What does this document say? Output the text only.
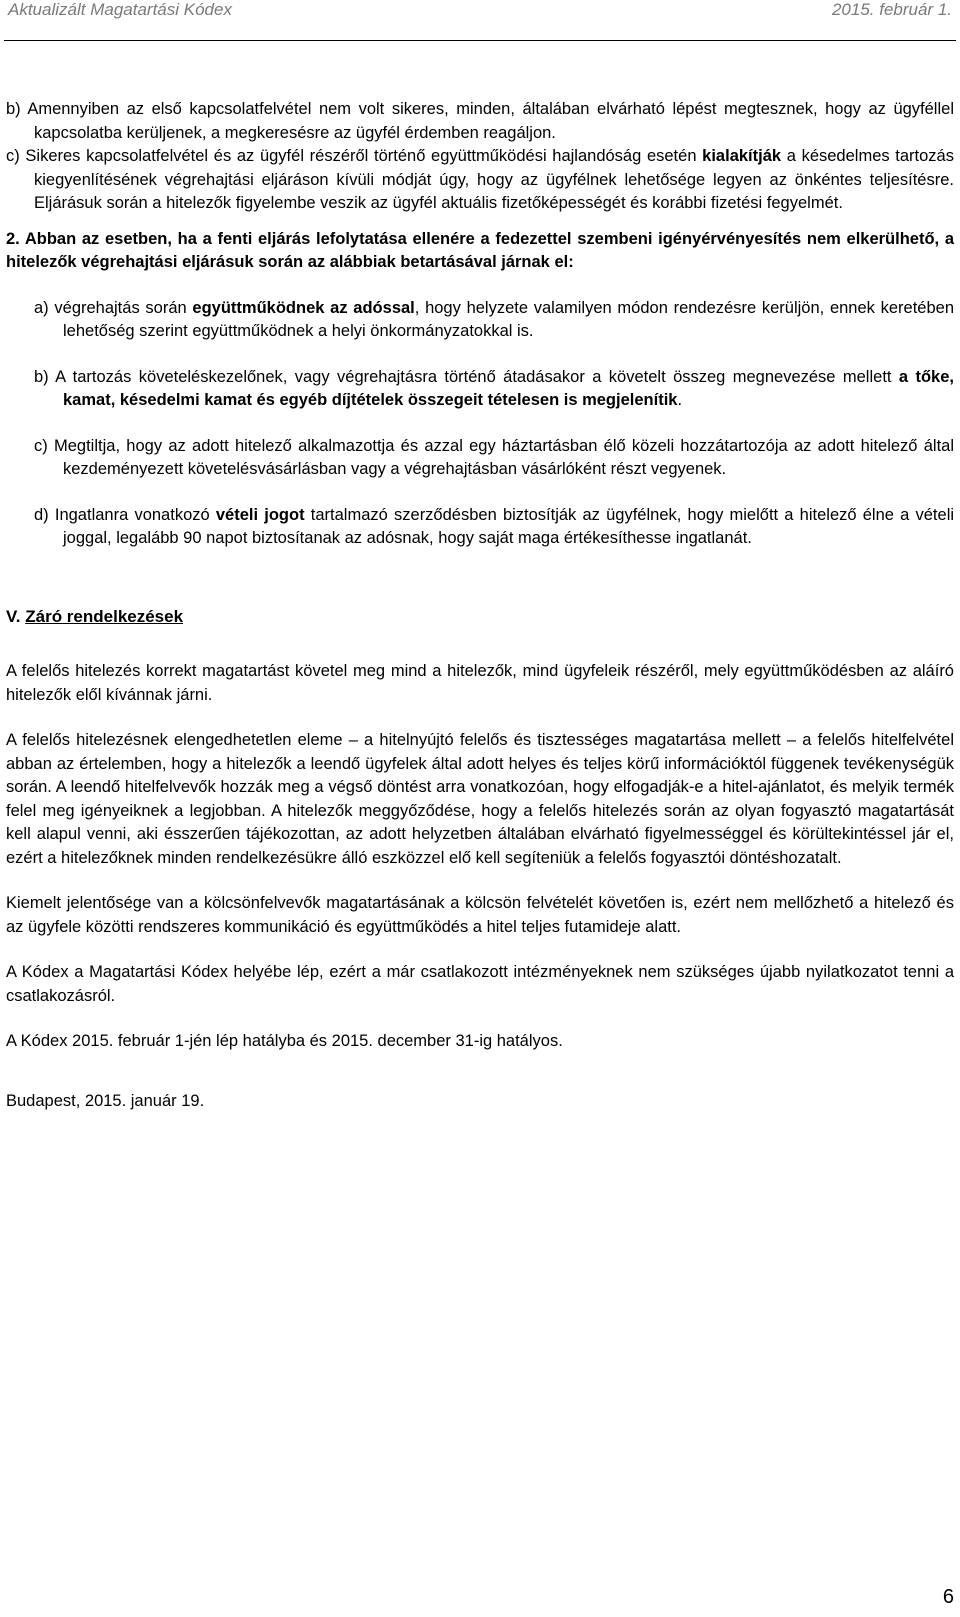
Aktualizált Magatartási Kódex	2015. február 1.

b) Amennyiben az első kapcsolatfelvétel nem volt sikeres, minden, általában elvárható lépést megtesznek, hogy az ügyféllel kapcsolatba kerüljenek, a megkeresésre az ügyfél érdemben reagáljon.

c) Sikeres kapcsolatfelvétel és az ügyfél részéről történő együttműködési hajlandóság esetén kialakítják a késedelmes tartozás kiegyenlítésének végrehajtási eljáráson kívüli módját úgy, hogy az ügyfélnek lehetősége legyen az önkéntes teljesítésre. Eljárásuk során a hitelezők figyelembe veszik az ügyfél aktuális fizetőképességét és korábbi fizetési fegyelmét.

2. Abban az esetben, ha a fenti eljárás lefolytatása ellenére a fedezettel szembeni igényérvényesítés nem elkerülhető, a hitelezők végrehajtási eljárásuk során az alábbiak betartásával járnak el:

a) végrehajtás során együttműködnek az adóssal, hogy helyzete valamilyen módon rendezésre kerüljön, ennek keretében lehetőség szerint együttműködnek a helyi önkormányzatokkal is.

b) A tartozás követeléskezelőnek, vagy végrehajtásra történő átadásakor a követelt összeg megnevezése mellett a tőke, kamat, késedelmi kamat és egyéb díjtételek összegeit tételesen is megjelenítik.

c) Megtiltja, hogy az adott hitelező alkalmazottja és azzal egy háztartásban élő közeli hozzátartozója az adott hitelező által kezdeményezett követelésvásárlásban vagy a végrehajtásban vásárlóként részt vegyenek.

d) Ingatlanra vonatkozó vételi jogot tartalmazó szerződésben biztosítják az ügyfélnek, hogy mielőtt a hitelező élne a vételi joggal, legalább 90 napot biztosítanak az adósnak, hogy saját maga értékesíthesse ingatlanát.

V. Záró rendelkezések

A felelős hitelezés korrekt magatartást követel meg mind a hitelezők, mind ügyfeleik részéről, mely együttműködésben az aláíró hitelezők elől kívánnak járni.

A felelős hitelezésnek elengedhetetlen eleme – a hitelnyújtó felelős és tisztességes magatartása mellett – a felelős hitelfelvétel abban az értelemben, hogy a hitelezők a leendő ügyfelek által adott helyes és teljes körű információktól függenek tevékenységük során. A leendő hitelfelvevők hozzák meg a végső döntést arra vonatkozóan, hogy elfogadják-e a hitel-ajánlatot, és melyik termék felel meg igényeiknek a legjobban. A hitelezők meggyőződése, hogy a felelős hitelezés során az olyan fogyasztó magatartását kell alapul venni, aki ésszerűen tájékozottan, az adott helyzetben általában elvárható figyelmességgel és körültekintéssel jár el, ezért a hitelezőknek minden rendelkezésükre álló eszközzel elő kell segíteniük a felelős fogyasztói döntéshozatalt.

Kiemelt jelentősége van a kölcsönfelvevők magatartásának a kölcsön felvételét követően is, ezért nem mellőzhető a hitelező és az ügyfele közötti rendszeres kommunikáció és együttműködés a hitel teljes futamideje alatt.

A Kódex a Magatartási Kódex helyébe lép, ezért a már csatlakozott intézményeknek nem szükséges újabb nyilatkozatot tenni a csatlakozásról.

A Kódex 2015. február 1-jén lép hatályba és 2015. december 31-ig hatályos.

Budapest, 2015. január 19.

6
